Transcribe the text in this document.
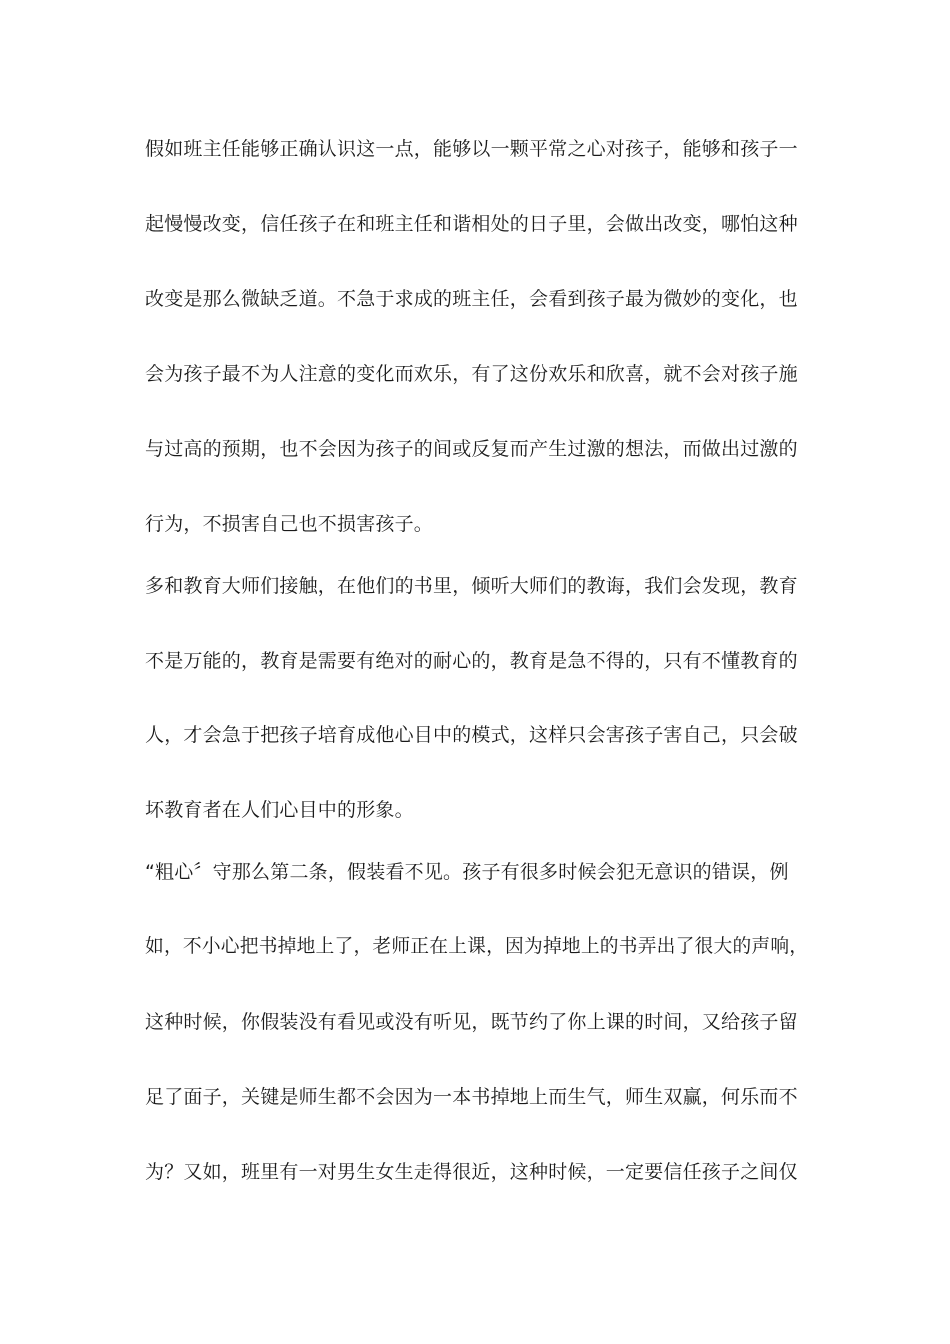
假如班主任能够正确认识这一点，能够以一颗平常之心对孩子，能够和孩子一
起慢慢改变，信任孩子在和班主任和谐相处的日子里，会做出改变，哪怕这种
改变是那么微缺乏道。不急于求成的班主任，会看到孩子最为微妙的变化，也
会为孩子最不为人注意的变化而欢乐，有了这份欢乐和欣喜，就不会对孩子施
与过高的预期，也不会因为孩子的间或反复而产生过激的想法，而做出过激的
行为，不损害自己也不损害孩子。
多和教育大师们接触，在他们的书里，倾听大师们的教诲，我们会发现，教育
不是万能的，教育是需要有绝对的耐心的，教育是急不得的，只有不懂教育的
人，才会急于把孩子培育成他心目中的模式，这样只会害孩子害自己，只会破
坏教育者在人们心目中的形象。
“粗心〞守那么第二条，假装看不见。孩子有很多时候会犯无意识的错误，例
如，不小心把书掉地上了，老师正在上课，因为掉地上的书弄出了很大的声响，
这种时候，你假装没有看见或没有听见，既节约了你上课的时间，又给孩子留
足了面子，关键是师生都不会因为一本书掉地上而生气，师生双赢，何乐而不
为？又如，班里有一对男生女生走得很近，这种时候，一定要信任孩子之间仅
